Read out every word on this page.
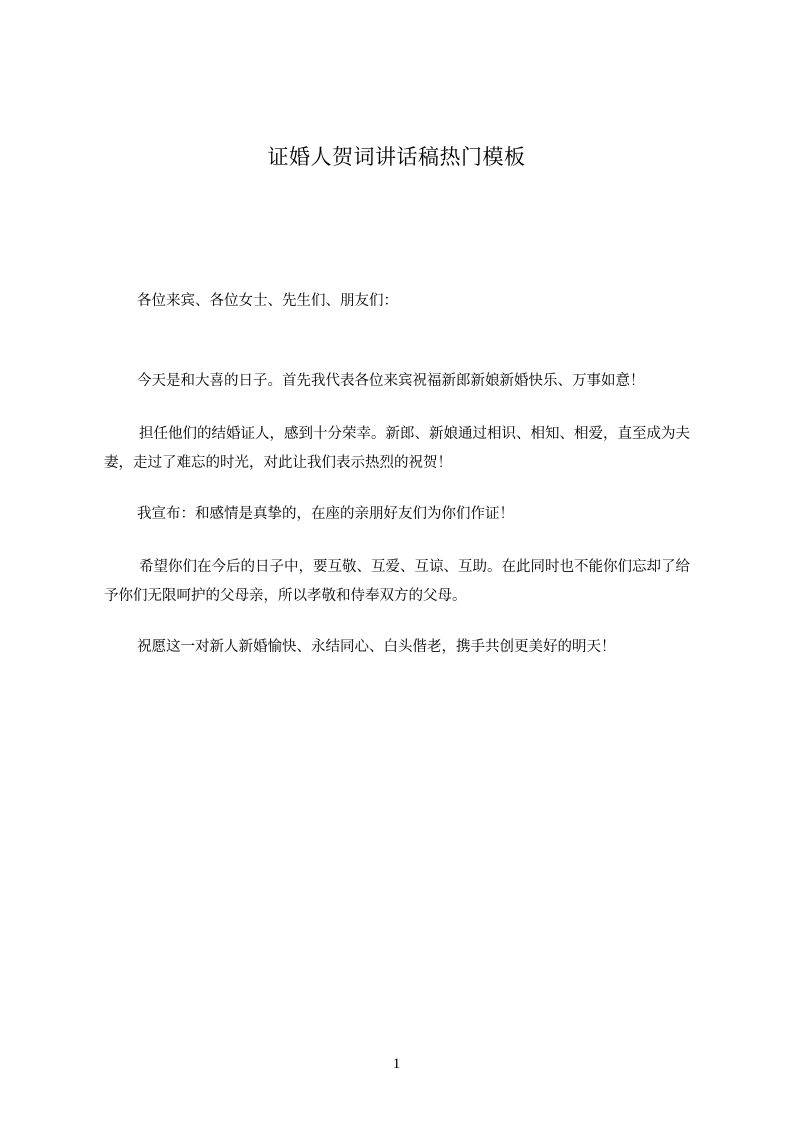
证婚人贺词讲话稿热门模板
各位来宾、各位女士、先生们、朋友们：
今天是和大喜的日子。首先我代表各位来宾祝福新郎新娘新婚快乐、万事如意！
担任他们的结婚证人，感到十分荣幸。新郎、新娘通过相识、相知、相爱，直至成为夫妻，走过了难忘的时光，对此让我们表示热烈的祝贺！
我宣布：和感情是真挚的，在座的亲朋好友们为你们作证！
希望你们在今后的日子中，要互敬、互爱、互谅、互助。在此同时也不能你们忘却了给予你们无限呵护的父母亲，所以孝敬和侍奉双方的父母。
祝愿这一对新人新婚愉快、永结同心、白头偕老，携手共创更美好的明天！
1
